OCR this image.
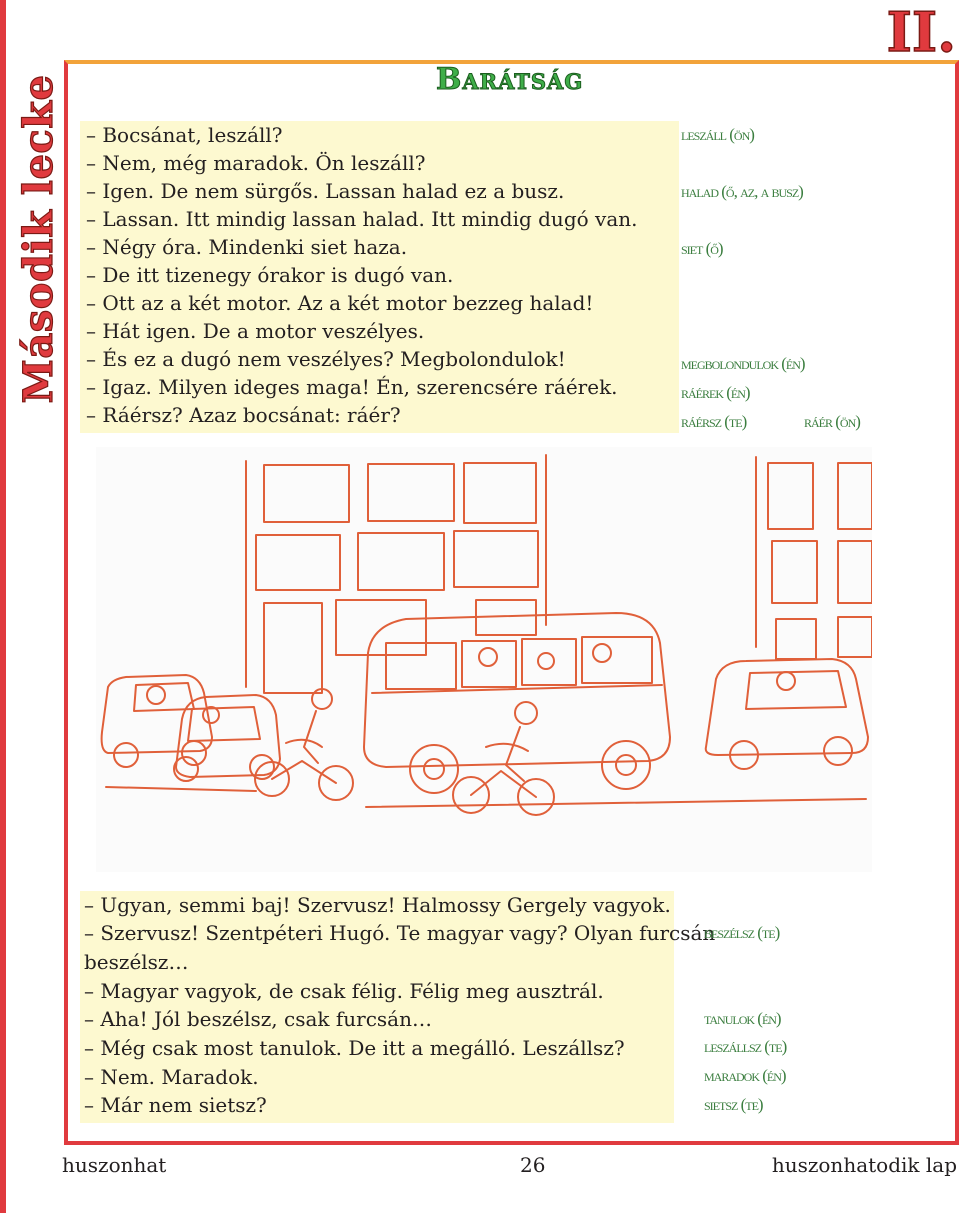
Második lecke
II.
Barátság
– Bocsánat, leszáll?
– Nem, még maradok. Ön leszáll?
– Igen. De nem sürgős. Lassan halad ez a busz.
– Lassan. Itt mindig lassan halad. Itt mindig dugó van.
– Négy óra. Mindenki siet haza.
– De itt tizenegy órakor is dugó van.
– Ott az a két motor. Az a két motor bezzeg halad!
– Hát igen. De a motor veszélyes.
– És ez a dugó nem veszélyes? Megbolondulok!
– Igaz. Milyen ideges maga! Én, szerencsére ráérek.
– Ráérsz? Azaz bocsánat: ráér?
leszáll (ön)
halad (ő, az, a busz)
siet (ő)
megbolondulok (én)
ráérek (én)
ráérsz (te)	ráér (ön)
– Ugyan, semmi baj! Szervusz! Halmossy Gergely vagyok.
– Szervusz! Szentpéteri Hugó. Te magyar vagy? Olyan furcsán
beszélsz…
– Magyar vagyok, de csak félig. Félig meg ausztrál.
– Aha! Jól beszélsz, csak furcsán…
– Még csak most tanulok. De itt a megálló. Leszállsz?
– Nem. Maradok.
– Már nem sietsz?
beszélsz (te)
tanulok (én)
leszállsz (te)
maradok (én)
sietsz (te)
huszonhat	26	huszonhatodik lap
